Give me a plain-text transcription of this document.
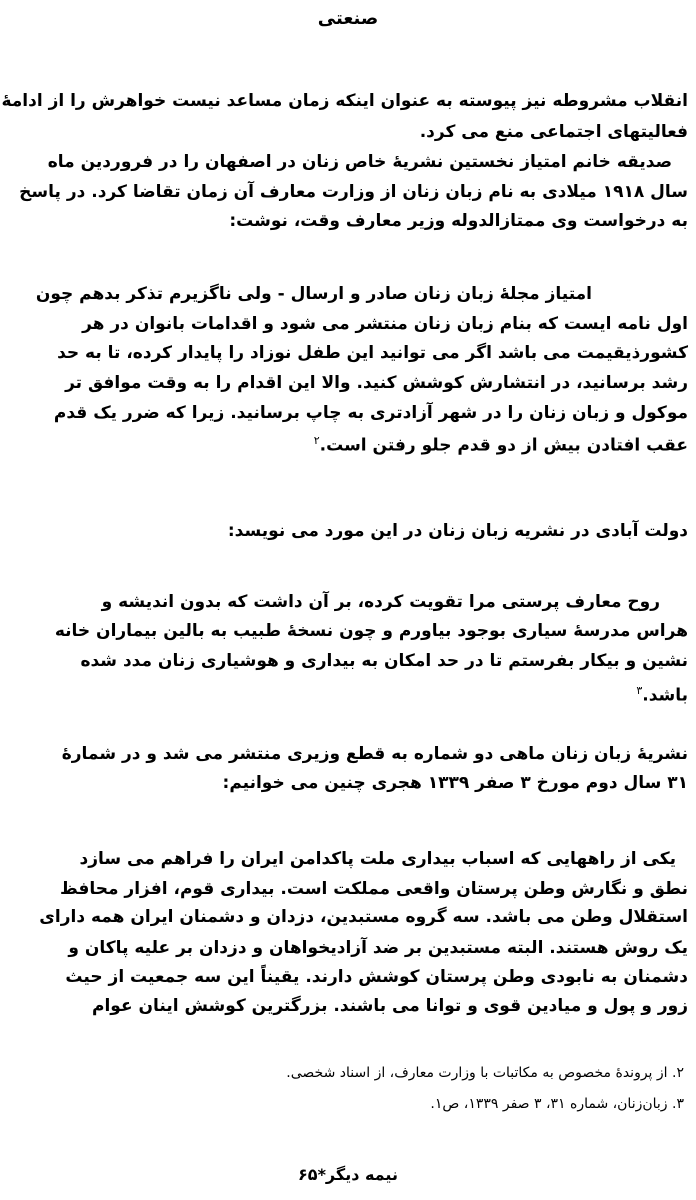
صنعتی
انقلاب مشروطه نیز پیوسته به عنوان اینکه زمان مساعد نیست خواهرش را از ادامهٔ
فعالیتهای اجتماعی منع می کرد.
صدیقه خانم امتیاز نخستین نشریهٔ خاص زنان در اصفهان را در فروردین ماه
سال ۱۹۱۸ میلادی به نام زبان زنان از وزارت معارف آن زمان تقاضا کرد. در پاسخ
به درخواست وی ممتازالدوله وزیر معارف وقت، نوشت:
امتیاز مجلهٔ زبان زنان صادر و ارسال - ولی ناگزیرم تذکر بدهم چون
اول نامه ایست که بنام زبان زنان منتشر می شود و اقدامات بانوان در هر
کشورذیقیمت می باشد اگر می توانید این طفل نوزاد را پایدار کرده، تا به حد
رشد برسانید، در انتشارش کوشش کنید. والا این اقدام را به وقت موافق تر
موکول و زبان زنان را در شهر آزادتری به چاپ برسانید. زیرا که ضرر یک قدم
عقب افتادن بیش از دو قدم جلو رفتن است.$^۲$
دولت آبادی در نشریه زبان زنان در این مورد می نویسد:
روح معارف پرستی مرا تقویت کرده، بر آن داشت که بدون اندیشه و
هراس مدرسهٔ سیاری بوجود بیاورم و چون نسخهٔ طبیب به بالین بیماران خانه
نشین و بیکار بفرستم تا در حد امکان به بیداری و هوشیاری زنان مدد شده
باشد.$^۳$
نشریهٔ زبان زنان ماهی دو شماره به قطع وزیری منتشر می شد و در شمارهٔ
۳۱ سال دوم مورخ ۳ صفر ۱۳۳۹ هجری چنین می خوانیم:
یکی از راههایی که اسباب بیداری ملت پاکدامن ایران را فراهم می سازد
نطق و نگارش وطن پرستان واقعی مملکت است. بیداری قوم، افزار محافظ
استقلال وطن می باشد. سه گروه مستبدین، دزدان و دشمنان ایران همه دارای
یک روش هستند. البته مستبدین بر ضد آزادیخواهان و دزدان بر علیه پاکان و
دشمنان به نابودی وطن پرستان کوشش دارند. یقیناً این سه جمعیت از حیث
زور و پول و میادین قوی و توانا می باشند. بزرگترین کوشش اینان عوام
۲. از پروندهٔ مخصوص به مکاتبات با وزارت معارف، از اسناد شخصی.
۳. زبان‌زنان، شماره ۳۱، ۳ صفر ۱۳۳۹، ص۱.
نیمه دیگر*۶۵
